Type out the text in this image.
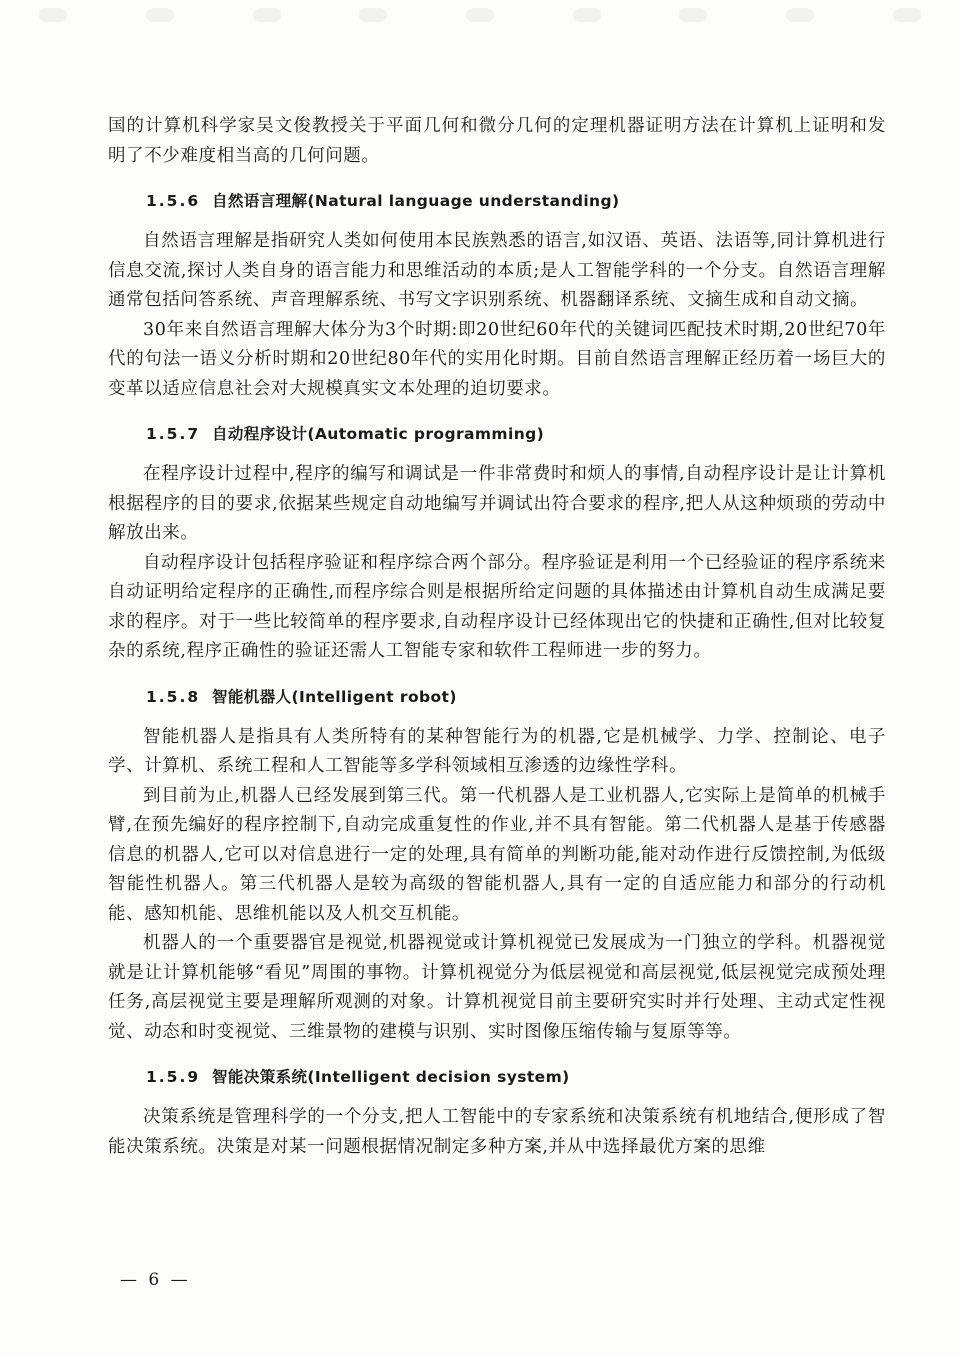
国的计算机科学家吴文俊教授关于平面几何和微分几何的定理机器证明方法在计算机上证明和发明了不少难度相当高的几何问题。

1.5.6 自然语言理解(Natural language understanding)

自然语言理解是指研究人类如何使用本民族熟悉的语言,如汉语、英语、法语等,同计算机进行信息交流,探讨人类自身的语言能力和思维活动的本质;是人工智能学科的一个分支。自然语言理解通常包括问答系统、声音理解系统、书写文字识别系统、机器翻译系统、文摘生成和自动文摘。

30年来自然语言理解大体分为3个时期:即20世纪60年代的关键词匹配技术时期,20世纪70年代的句法一语义分析时期和20世纪80年代的实用化时期。目前自然语言理解正经历着一场巨大的变革以适应信息社会对大规模真实文本处理的迫切要求。

1.5.7 自动程序设计(Automatic programming)

在程序设计过程中,程序的编写和调试是一件非常费时和烦人的事情,自动程序设计是让计算机根据程序的目的要求,依据某些规定自动地编写并调试出符合要求的程序,把人从这种烦琐的劳动中解放出来。

自动程序设计包括程序验证和程序综合两个部分。程序验证是利用一个已经验证的程序系统来自动证明给定程序的正确性,而程序综合则是根据所给定问题的具体描述由计算机自动生成满足要求的程序。对于一些比较简单的程序要求,自动程序设计已经体现出它的快捷和正确性,但对比较复杂的系统,程序正确性的验证还需人工智能专家和软件工程师进一步的努力。

1.5.8 智能机器人(Intelligent robot)

智能机器人是指具有人类所特有的某种智能行为的机器,它是机械学、力学、控制论、电子学、计算机、系统工程和人工智能等多学科领域相互渗透的边缘性学科。

到目前为止,机器人已经发展到第三代。第一代机器人是工业机器人,它实际上是简单的机械手臂,在预先编好的程序控制下,自动完成重复性的作业,并不具有智能。第二代机器人是基于传感器信息的机器人,它可以对信息进行一定的处理,具有简单的判断功能,能对动作进行反馈控制,为低级智能性机器人。第三代机器人是较为高级的智能机器人,具有一定的自适应能力和部分的行动机能、感知机能、思维机能以及人机交互机能。

机器人的一个重要器官是视觉,机器视觉或计算机视觉已发展成为一门独立的学科。机器视觉就是让计算机能够“看见”周围的事物。计算机视觉分为低层视觉和高层视觉,低层视觉完成预处理任务,高层视觉主要是理解所观测的对象。计算机视觉目前主要研究实时并行处理、主动式定性视觉、动态和时变视觉、三维景物的建模与识别、实时图像压缩传输与复原等等。

1.5.9 智能决策系统(Intelligent decision system)

决策系统是管理科学的一个分支,把人工智能中的专家系统和决策系统有机地结合,便形成了智能决策系统。决策是对某一问题根据情况制定多种方案,并从中选择最优方案的思维

— 6 —
